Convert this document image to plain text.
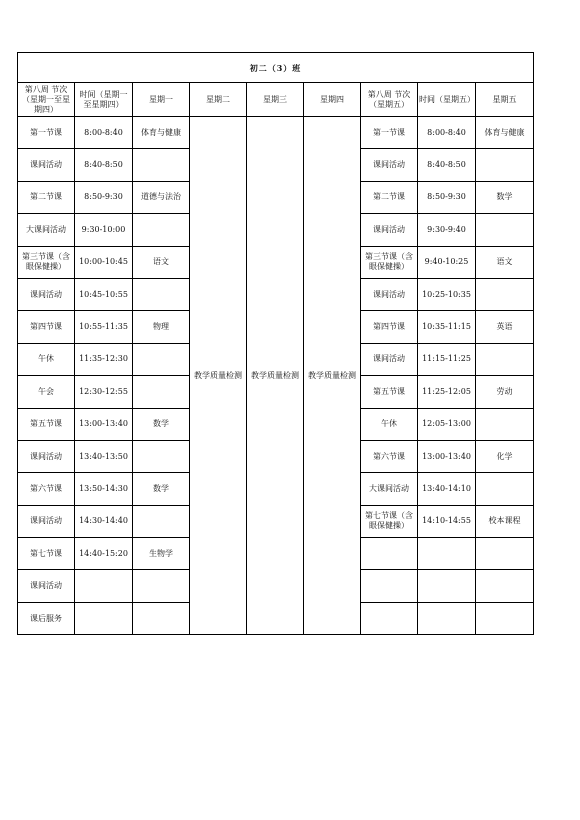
初二（3）班								
第八周 节次（星期一至星期四）	时间（星期一至星期四）	星期一	星期二	星期三	星期四	第八周 节次（星期五）	时间（星期五）	星期五
第一节课	8:00-8:40	体育与健康	教学质量检测	教学质量检测	教学质量检测	第一节课	8:00-8:40	体育与健康
课间活动	8:40-8:50					课间活动	8:40-8:50	
第二节课	8:50-9:30	道德与法治				第二节课	8:50-9:30	数学
大课间活动	9:30-10:00					课间活动	9:30-9:40	
第三节课（含眼保健操）	10:00-10:45	语文				第三节课（含眼保健操）	9:40-10:25	语文
课间活动	10:45-10:55					课间活动	10:25-10:35	
第四节课	10:55-11:35	物理				第四节课	10:35-11:15	英语
午休	11:35-12:30					课间活动	11:15-11:25	
午会	12:30-12:55					第五节课	11:25-12:05	劳动
第五节课	13:00-13:40	数学				午休	12:05-13:00	
课间活动	13:40-13:50					第六节课	13:00-13:40	化学
第六节课	13:50-14:30	数学				大课间活动	13:40-14:10	
课间活动	14:30-14:40					第七节课（含眼保健操）	14:10-14:55	校本课程
第七节课	14:40-15:20	生物学						
课间活动								
课后服务								
